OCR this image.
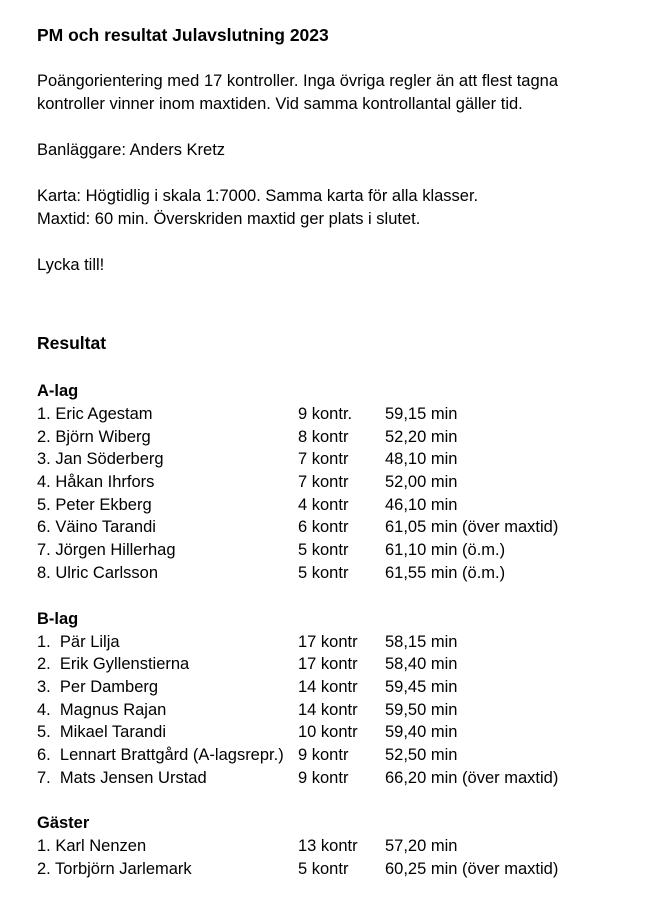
PM och resultat Julavslutning 2023

Poängorientering med 17 kontroller. Inga övriga regler än att flest tagna

kontroller vinner inom maxtiden. Vid samma kontrollantal gäller tid.

Banläggare: Anders Kretz

Karta: Högtidlig i skala 1:7000. Samma karta för alla klasser.

Maxtid: 60 min. Överskriden maxtid ger plats i slutet.

Lycka till!

Resultat

A-lag

1. Eric Agestam	9 kontr.	59,15 min
2. Björn Wiberg	8 kontr	52,20 min
3. Jan Söderberg	7 kontr	48,10 min
4. Håkan Ihrfors	7 kontr	52,00 min
5. Peter Ekberg	4 kontr	46,10 min
6. Väino Tarandi	6 kontr	61,05 min (över maxtid)
7. Jörgen Hillerhag	5 kontr	61,10 min (ö.m.)
8. Ulric Carlsson	5 kontr	61,55 min (ö.m.)

B-lag

1.  Pär Lilja	17 kontr	58,15 min
2.  Erik Gyllenstierna	17 kontr	58,40 min
3.  Per Damberg	14 kontr	59,45 min
4.  Magnus Rajan	14 kontr	59,50 min
5.  Mikael Tarandi	10 kontr	59,40 min
6.  Lennart Brattgård (A-lagsrepr.) 9 kontr	52,50 min
7.  Mats Jensen Urstad	9 kontr	66,20 min (över maxtid)

Gäster

1. Karl Nenzen	13 kontr	57,20 min
2. Torbjörn Jarlemark	5 kontr	60,25 min (över maxtid)
